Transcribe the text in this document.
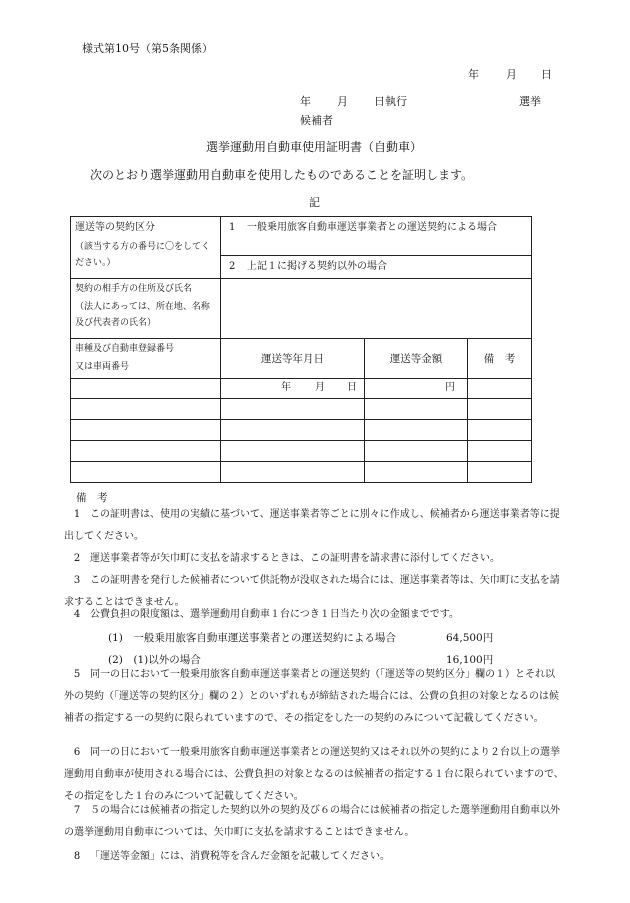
様式第10号（第5条関係）
年 月 日
年 月 日執行	選挙
候補者
選挙運動用自動車使用証明書（自動車）
次のとおり選挙運動用自動車を使用したものであることを証明します。
記
運送等の契約区分
（該当する方の番号に〇をしてください。）	1 一般乗用旅客自動車運送事業者との運送契約による場合		

	2 上記１に掲げる契約以外の場合		

契約の相手方の住所及び氏名
（法人にあっては、所在地、名称及び代表者の氏名）			

車種及び自動車登録番号
又は車両番号	運送等年月日	運送等金額	備　考
	年 月 日	円	

備　考
1 この証明書は、使用の実績に基づいて、運送事業者等ごとに別々に作成し、候補者から運送事業者等に提出してください。
2 運送事業者等が矢巾町に支払を請求するときは、この証明書を請求書に添付してください。
3 この証明書を発行した候補者について供託物が没収された場合には、運送事業者等は、矢巾町に支払を請求することはできません。
4 公費負担の限度額は、選挙運動用自動車１台につき１日当たり次の金額までです。
(1)　一般乗用旅客自動車運送事業者との運送契約による場合	64,500円
(2)　(1)以外の場合	16,100円
5 同一の日において一般乗用旅客自動車運送事業者との運送契約（「運送等の契約区分」欄の１）とそれ以外の契約（「運送等の契約区分」欄の２）とのいずれもが締結された場合には、公費の負担の対象となるのは候補者の指定する一の契約に限られていますので、その指定をした一の契約のみについて記載してください。
6 同一の日において一般乗用旅客自動車運送事業者との運送契約又はそれ以外の契約により２台以上の選挙運動用自動車が使用される場合には、公費負担の対象となるのは候補者の指定する１台に限られていますので、その指定をした１台のみについて記載してください。
7 ５の場合には候補者の指定した契約以外の契約及び６の場合には候補者の指定した選挙運動用自動車以外の選挙運動用自動車については、矢巾町に支払を請求することはできません。
8 「運送等金額」には、消費税等を含んだ金額を記載してください。
